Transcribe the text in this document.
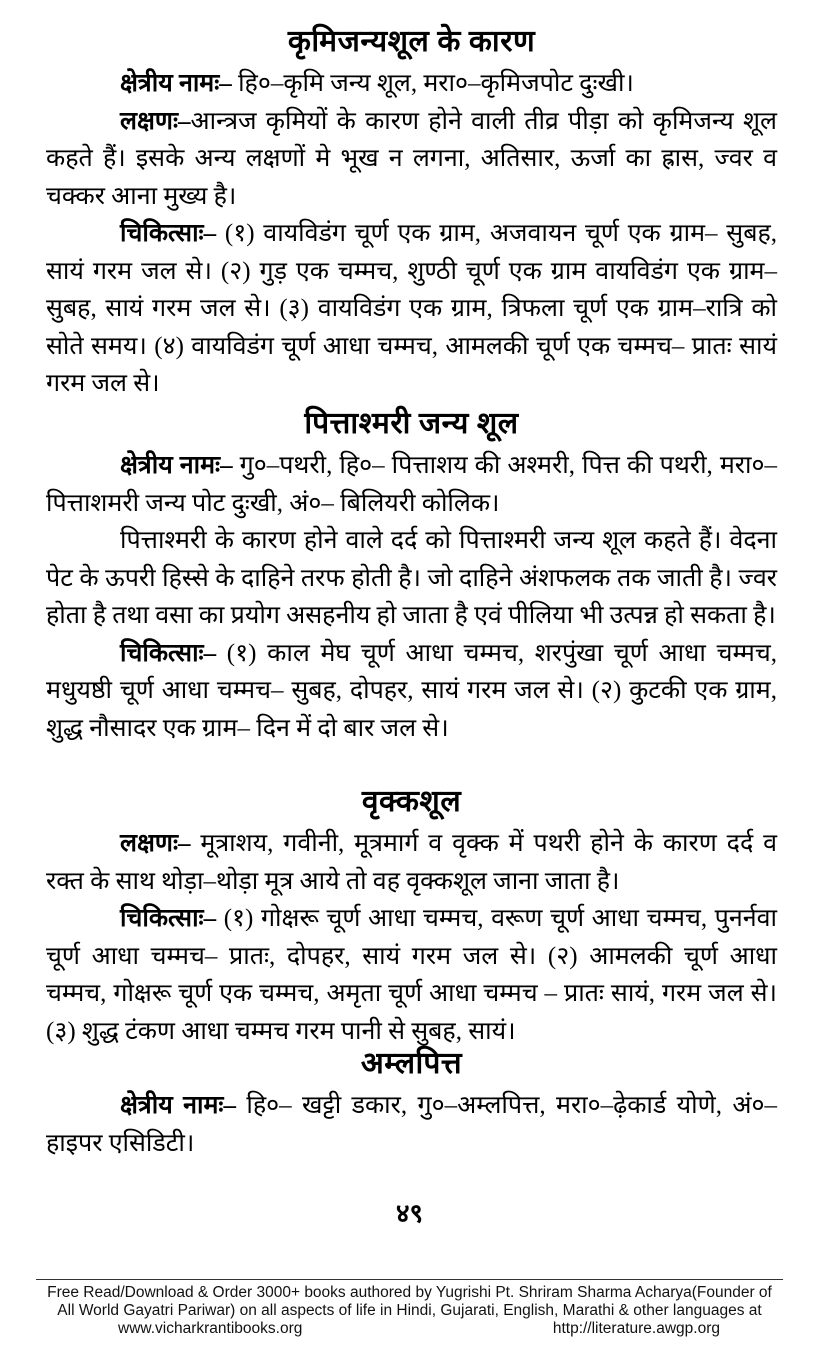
कृमिजन्यशूल के कारण

क्षेत्रीय नामः– हि०–कृमि जन्य शूल, मरा०–कृमिजपोट दुःखी।

लक्षणः–आन्त्रज कृमियों के कारण होने वाली तीव्र पीड़ा को कृमिजन्य शूल कहते हैं। इसके अन्य लक्षणों मे भूख न लगना, अतिसार, ऊर्जा का ह्रास, ज्वर व चक्कर आना मुख्य है।

चिकित्साः– (१) वायविडंग चूर्ण एक ग्राम, अजवायन चूर्ण एक ग्राम– सुबह, सायं गरम जल से। (२) गुड़ एक चम्मच, शुण्ठी चूर्ण एक ग्राम वायविडंग एक ग्राम– सुबह, सायं गरम जल से। (३) वायविडंग एक ग्राम, त्रिफला चूर्ण एक ग्राम–रात्रि को सोते समय। (४) वायविडंग चूर्ण आधा चम्मच, आमलकी चूर्ण एक चम्मच– प्रातः सायं गरम जल से।

पित्ताश्मरी जन्य शूल

क्षेत्रीय नामः– गु०–पथरी, हि०– पित्ताशय की अश्मरी, पित्त की पथरी, मरा०– पित्ताशमरी जन्य पोट दुःखी, अं०– बिलियरी कोलिक।

पित्ताश्मरी के कारण होने वाले दर्द को पित्ताश्मरी जन्य शूल कहते हैं। वेदना पेट के ऊपरी हिस्से के दाहिने तरफ होती है। जो दाहिने अंशफलक तक जाती है। ज्वर होता है तथा वसा का प्रयोग असहनीय हो जाता है एवं पीलिया भी उत्पन्न हो सकता है।

चिकित्साः– (१) काल मेघ चूर्ण आधा चम्मच, शरपुंखा चूर्ण आधा चम्मच, मधुयष्ठी चूर्ण आधा चम्मच– सुबह, दोपहर, सायं गरम जल से। (२) कुटकी एक ग्राम, शुद्ध नौसादर एक ग्राम– दिन में दो बार जल से।

वृक्कशूल

लक्षणः– मूत्राशय, गवीनी, मूत्रमार्ग व वृक्क में पथरी होने के कारण दर्द व रक्त के साथ थोड़ा–थोड़ा मूत्र आये तो वह वृक्कशूल जाना जाता है।

चिकित्साः– (१) गोक्षरू चूर्ण आधा चम्मच, वरूण चूर्ण आधा चम्मच, पुनर्नवा चूर्ण आधा चम्मच– प्रातः, दोपहर, सायं गरम जल से। (२) आमलकी चूर्ण आधा चम्मच, गोक्षरू चूर्ण एक चम्मच, अमृता चूर्ण आधा चम्मच – प्रातः सायं, गरम जल से। (३) शुद्ध टंकण आधा चम्मच गरम पानी से सुबह, सायं।

अम्लपित्त

क्षेत्रीय नामः– हि०– खट्टी डकार, गु०–अम्लपित्त, मरा०–ढ़ेकार्ड योणे, अं०–हाइपर एसिडिटी।

४९
Free Read/Download & Order 3000+ books authored by Yugrishi Pt. Shriram Sharma Acharya(Founder of
All World Gayatri Pariwar) on all aspects of life in Hindi, Gujarati, English, Marathi & other languages at
www.vicharkrantibooks.org	http://literature.awgp.org
